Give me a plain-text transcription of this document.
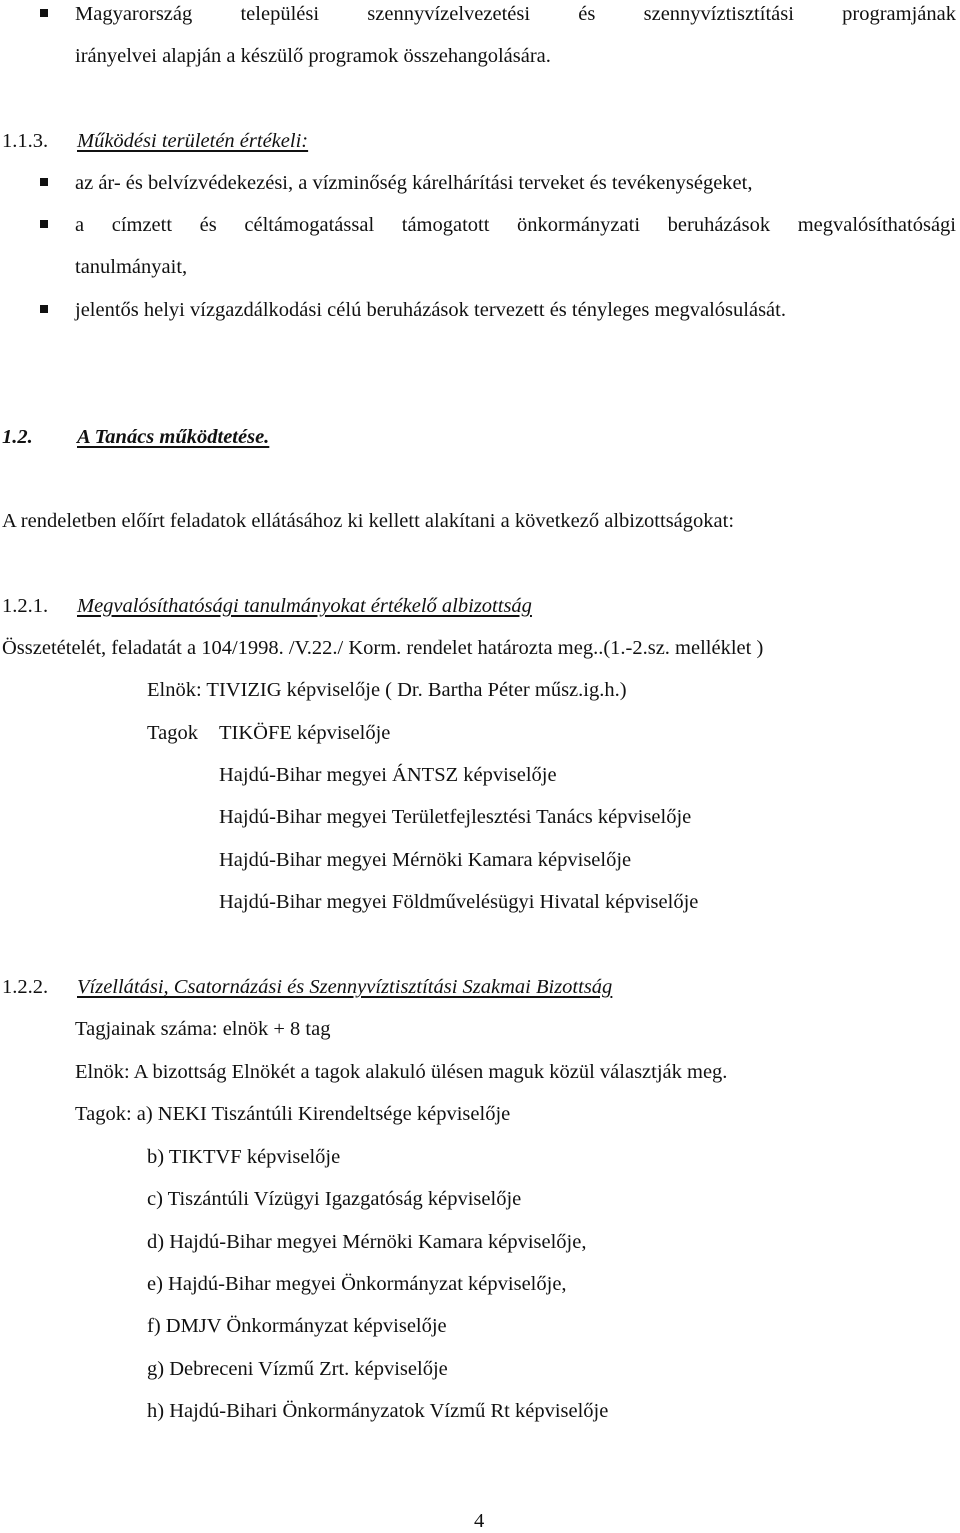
Magyarország települési szennyvízelvezetési és szennyvíztisztítási programjának
irányelvei alapján a készülő programok összehangolására.
1.1.3. Működési területén értékeli:
az ár- és belvízvédekezési, a vízminőség kárelhárítási terveket és tevékenységeket,
a címzett és céltámogatással támogatott önkormányzati beruházások megvalósíthatósági
tanulmányait,
jelentős helyi vízgazdálkodási célú beruházások tervezett és tényleges megvalósulását.
1.2. A Tanács működtetése.
A rendeletben előírt feladatok ellátásához ki kellett alakítani a következő albizottságokat:
1.2.1. Megvalósíthatósági tanulmányokat értékelő albizottság
Összetételét, feladatát a 104/1998. /V.22./ Korm. rendelet határozta meg..(1.-2.sz. melléklet )
Elnök: TIVIZIG képviselője ( Dr. Bartha Péter műsz.ig.h.)
Tagok TIKÖFE képviselője
Hajdú-Bihar megyei ÁNTSZ képviselője
Hajdú-Bihar megyei Területfejlesztési Tanács képviselője
Hajdú-Bihar megyei Mérnöki Kamara képviselője
Hajdú-Bihar megyei Földművelésügyi Hivatal képviselője
1.2.2. Vízellátási, Csatornázási és Szennyvíztisztítási Szakmai Bizottság
Tagjainak száma: elnök + 8 tag
Elnök: A bizottság Elnökét a tagok alakuló ülésen maguk közül választják meg.
Tagok: a) NEKI Tiszántúli Kirendeltsége képviselője
b) TIKTVF képviselője
c) Tiszántúli Vízügyi Igazgatóság képviselője
d) Hajdú-Bihar megyei Mérnöki Kamara képviselője,
e) Hajdú-Bihar megyei Önkormányzat képviselője,
f) DMJV Önkormányzat képviselője
g) Debreceni Vízmű Zrt. képviselője
h) Hajdú-Bihari Önkormányzatok Vízmű Rt képviselője
4
